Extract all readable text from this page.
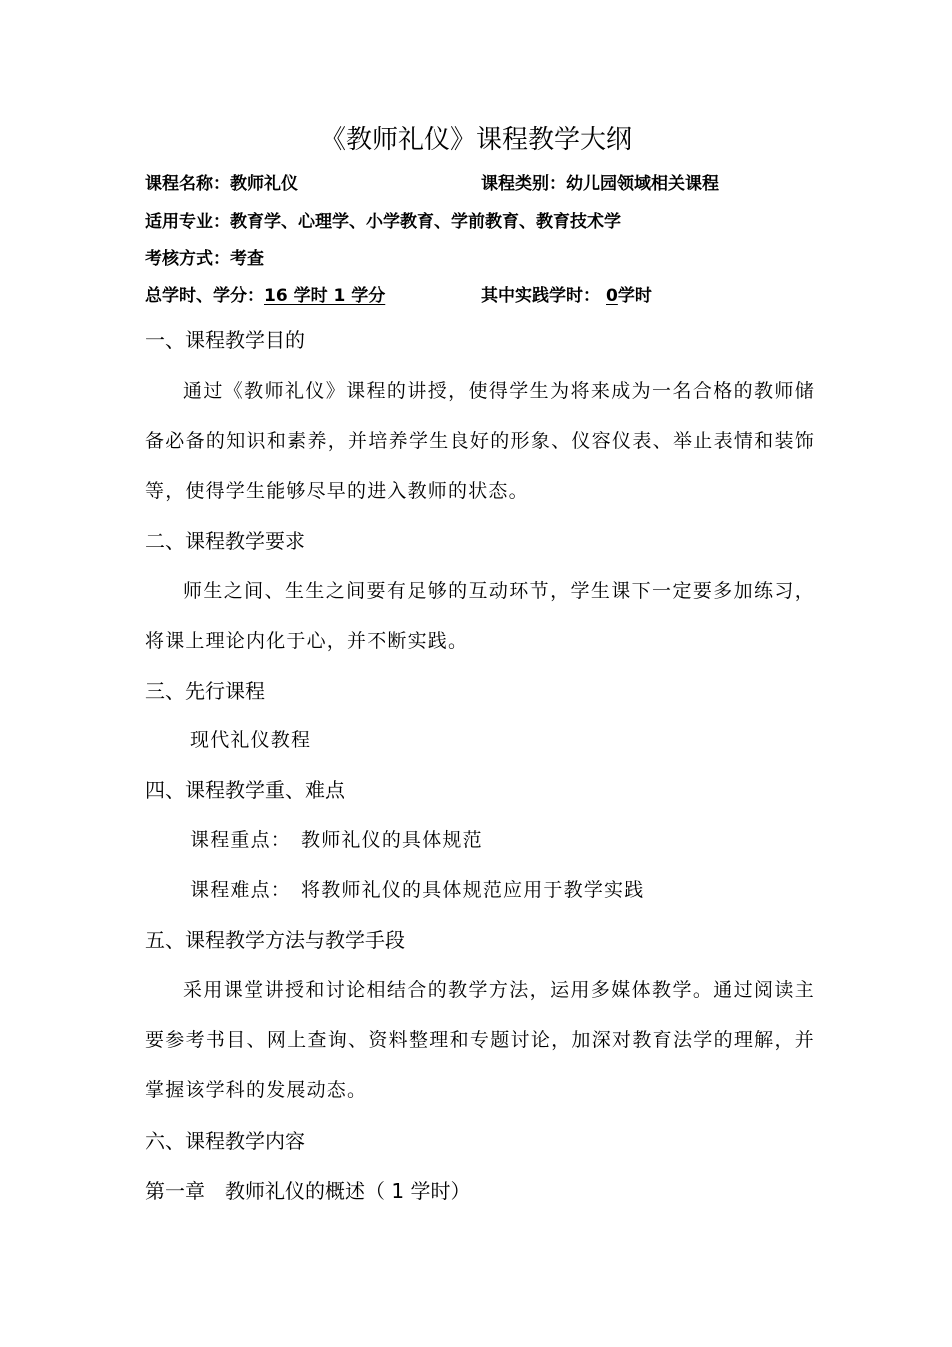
《教师礼仪》课程教学大纲
课程名称：教师礼仪	课程类别：幼儿园领域相关课程
适用专业：教育学、心理学、小学教育、学前教育、教育技术学
考核方式：考查
总学时、学分：16 学时 1 学分	其中实践学时： 0学时
一、课程教学目的
通过《教师礼仪》课程的讲授，使得学生为将来成为一名合格的教师储备必备的知识和素养，并培养学生良好的形象、仪容仪表、举止表情和装饰等，使得学生能够尽早的进入教师的状态。
二、课程教学要求
师生之间、生生之间要有足够的互动环节，学生课下一定要多加练习，将课上理论内化于心，并不断实践。
三、先行课程
现代礼仪教程
四、课程教学重、难点
课程重点： 教师礼仪的具体规范
课程难点： 将教师礼仪的具体规范应用于教学实践
五、课程教学方法与教学手段
采用课堂讲授和讨论相结合的教学方法，运用多媒体教学。通过阅读主要参考书目、网上查询、资料整理和专题讨论，加深对教育法学的理解，并掌握该学科的发展动态。
六、课程教学内容
第一章　教师礼仪的概述（ 1 学时）
